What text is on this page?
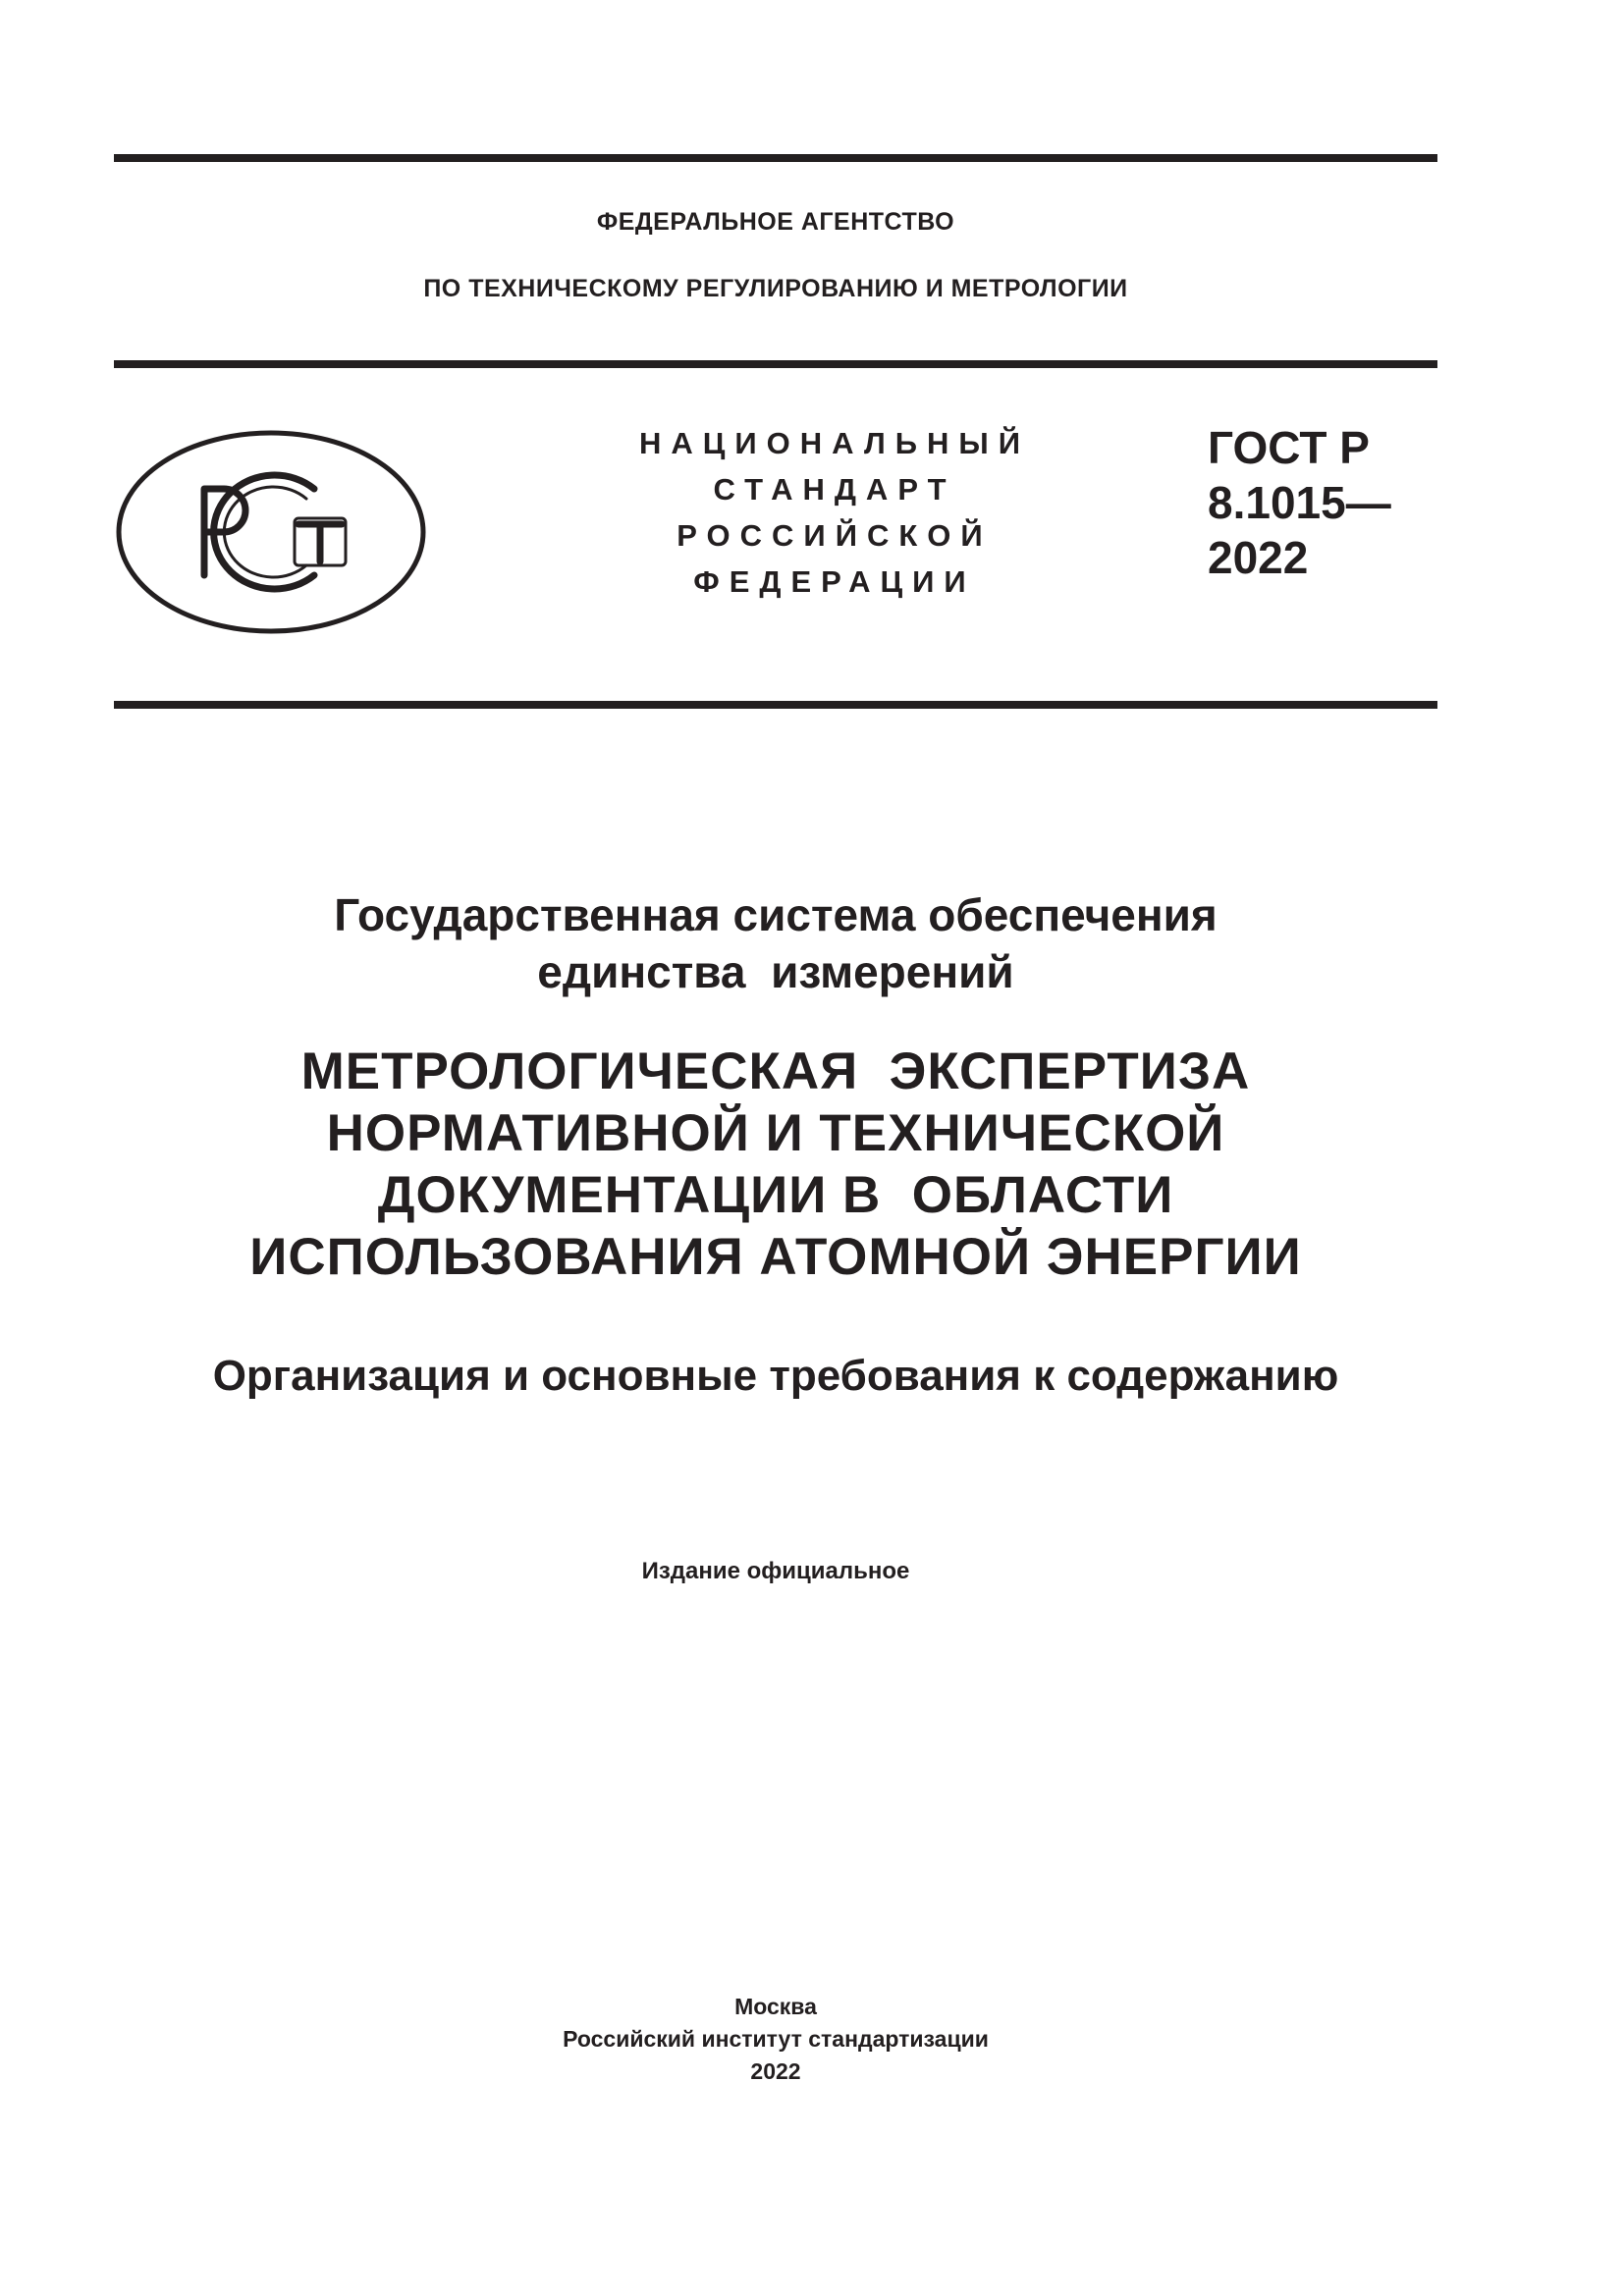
ФЕДЕРАЛЬНОЕ АГЕНТСТВО
ПО ТЕХНИЧЕСКОМУ РЕГУЛИРОВАНИЮ И МЕТРОЛОГИИ
НАЦИОНАЛЬНЫЙ
СТАНДАРТ
РОССИЙСКОЙ
ФЕДЕРАЦИИ
ГОСТ Р
8.1015—
2022
Государственная система обеспечения
единства  измерений
МЕТРОЛОГИЧЕСКАЯ  ЭКСПЕРТИЗА
НОРМАТИВНОЙ И ТЕХНИЧЕСКОЙ
ДОКУМЕНТАЦИИ В  ОБЛАСТИ
ИСПОЛЬЗОВАНИЯ АТОМНОЙ ЭНЕРГИИ
Организация и основные требования к содержанию
Издание официальное
Москва
Российский институт стандартизации
2022
